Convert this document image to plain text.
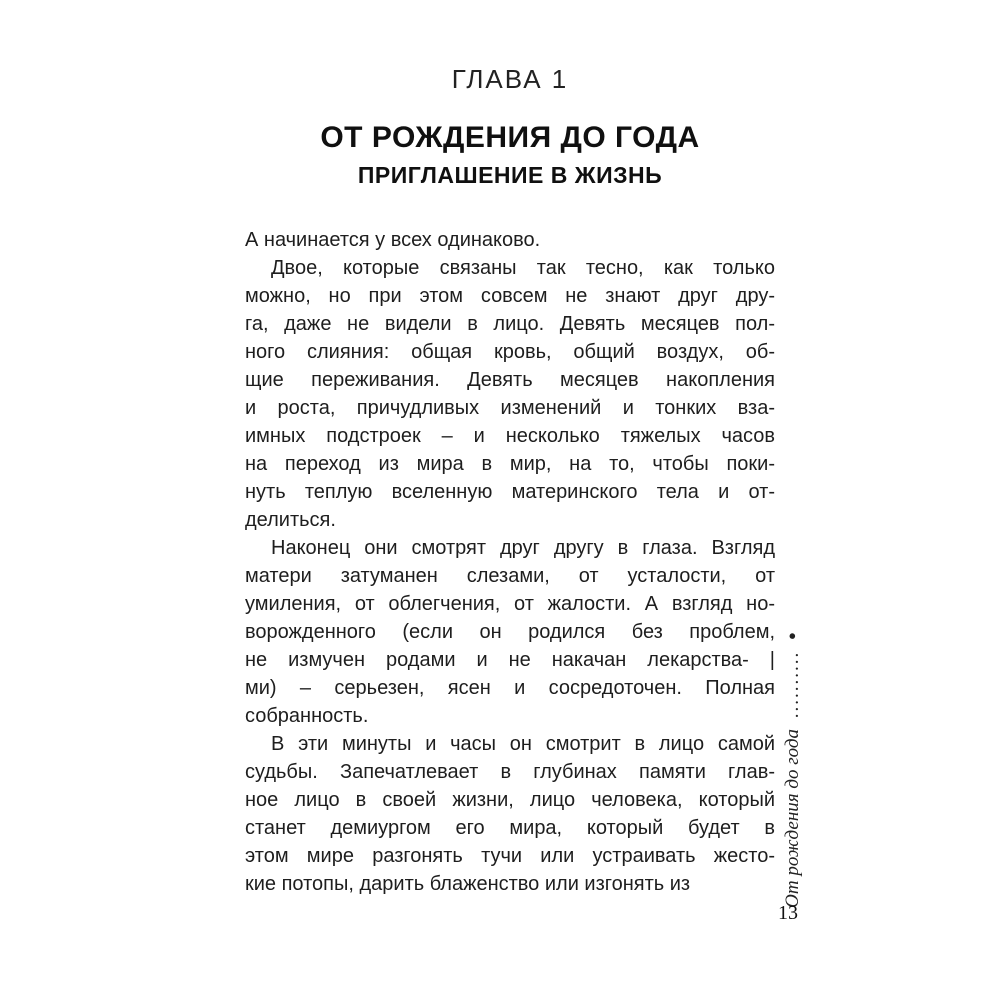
ГЛАВА 1
ОТ РОЖДЕНИЯ ДО ГОДА
ПРИГЛАШЕНИЕ В ЖИЗНЬ
А начинается у всех одинаково.
Двое, которые связаны так тесно, как только
можно, но при этом совсем не знают друг дру-
га, даже не видели в лицо. Девять месяцев пол-
ного слияния: общая кровь, общий воздух, об-
щие переживания. Девять месяцев накопления
и роста, причудливых изменений и тонких вза-
имных подстроек – и несколько тяжелых часов
на переход из мира в мир, на то, чтобы поки-
нуть теплую вселенную материнского тела и от-
делиться.
Наконец они смотрят друг другу в глаза. Взгляд
матери затуманен слезами, от усталости, от
умиления, от облегчения, от жалости. А взгляд но-
ворожденного (если он родился без проблем,
не измучен родами и не накачан лекарства- |
ми) – серьезен, ясен и сосредоточен. Полная
собранность.
В эти минуты и часы он смотрит в лицо самой
судьбы. Запечатлевает в глубинах памяти глав-
ное лицо в своей жизни, лицо человека, который
станет демиургом его мира, который будет в
этом мире разгонять тучи или устраивать жесто-
кие потопы, дарить блаженство или изгонять из	От рождения до года .......... ●
13
